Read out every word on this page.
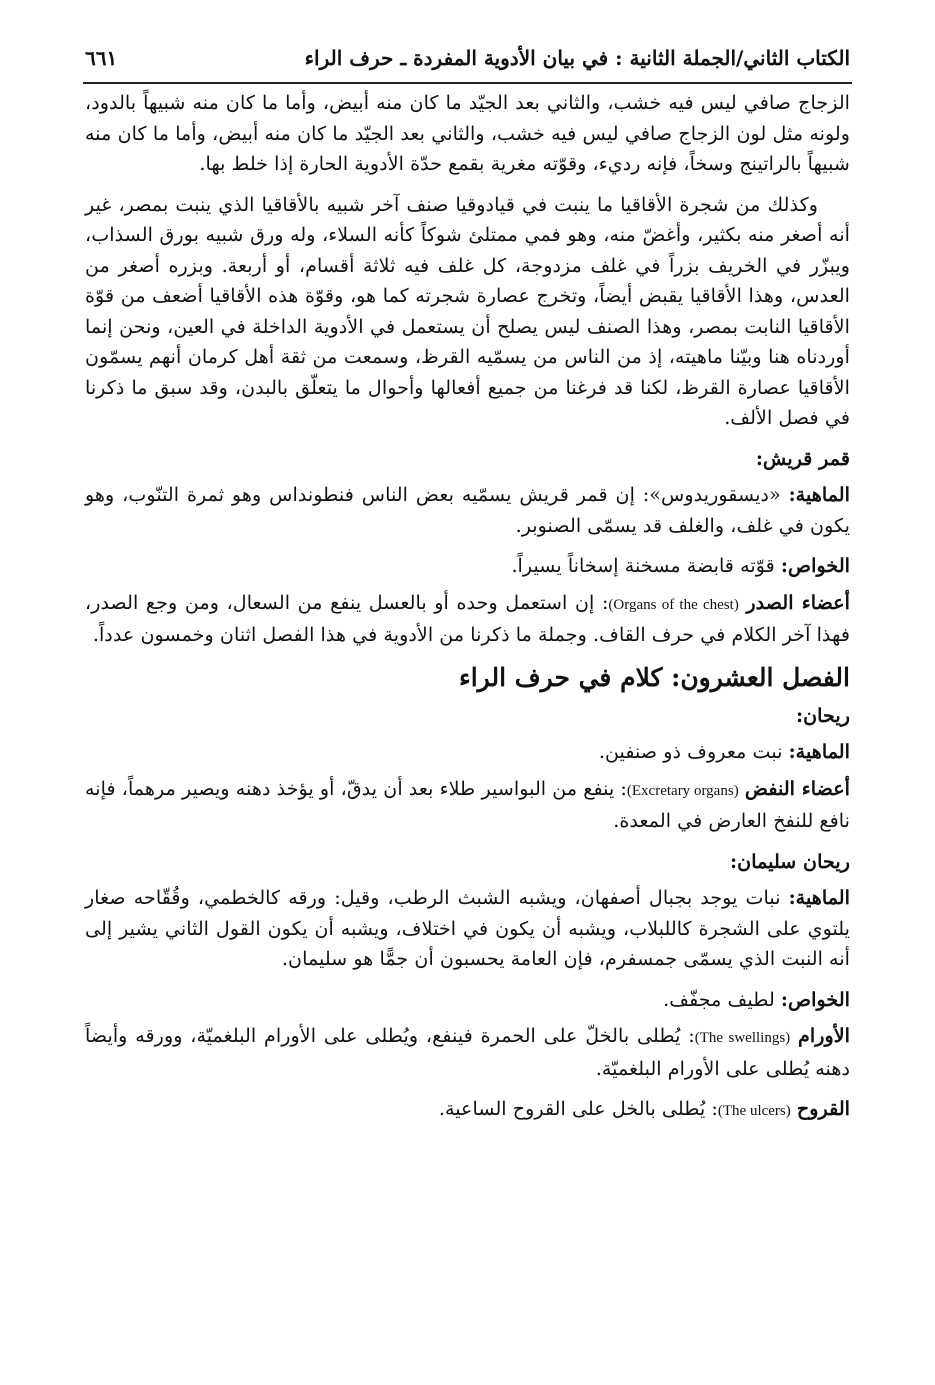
الكتاب الثاني/الجملة الثانية : في بيان الأدوية المفردة ـ حرف الراء
٦٦١

الزجاج صافي ليس فيه خشب، والثاني بعد الجيّد ما كان منه أبيض، وأما ما كان منه شبيهاً بالدود، ولونه مثل لون الزجاج صافي ليس فيه خشب، والثاني بعد الجيّد ما كان منه أبيض، وأما ما كان منه شبيهاً بالراتينج وسخاً، فإنه رديء، وقوّته مغرية بقمع حدّة الأدوية الحارة إذا خلط بها.

وكذلك من شجرة الأقاقيا ما ينبت في قيادوقيا صنف آخر شبيه بالأقاقيا الذي ينبت بمصر، غير أنه أصغر منه بكثير، وأغضّ منه، وهو فمي ممتلئ شوكاً كأنه السلاء، وله ورق شبيه بورق السذاب، ويبزّر في الخريف بزراً في غلف مزدوجة، كل غلف فيه ثلاثة أقسام، أو أربعة. وبزره أصغر من العدس، وهذا الأقاقيا يقبض أيضاً، وتخرج عصارة شجرته كما هو، وقوّة هذه الأقاقيا أضعف من قوّة الأقاقيا النابت بمصر، وهذا الصنف ليس يصلح أن يستعمل في الأدوية الداخلة في العين، ونحن إنما أوردناه هنا وبيّنا ماهيته، إذ من الناس من يسمّيه القرظ، وسمعت من ثقة أهل كرمان أنهم يسمّون الأقاقيا عصارة القرظ، لكنا قد فرغنا من جميع أفعالها وأحوال ما يتعلّق بالبدن، وقد سبق ما ذكرنا في فصل الألف.

قمر قريش:

الماهية: «ديسقوريدوس»: إن قمر قريش يسمّيه بعض الناس فنطونداس وهو ثمرة التنّوب، وهو يكون في غلف، والغلف قد يسمّى الصنوبر.

الخواص: قوّته قابضة مسخنة إسخاناً يسيراً.

أعضاء الصدر (Organs of the chest): إن استعمل وحده أو بالعسل ينفع من السعال، ومن وجع الصدر، فهذا آخر الكلام في حرف القاف. وجملة ما ذكرنا من الأدوية في هذا الفصل اثنان وخمسون عدداً.

الفصل العشرون: كلام في حرف الراء

ريحان:

الماهية: نبت معروف ذو صنفين.

أعضاء النفض (Excretary organs): ينفع من البواسير طلاء بعد أن يدقّ، أو يؤخذ دهنه ويصير مرهماً، فإنه نافع للنفخ العارض في المعدة.

ريحان سليمان:

الماهية: نبات يوجد بجبال أصفهان، ويشبه الشبث الرطب، وقيل: ورقه كالخطمي، وقُقّاحه صغار يلتوي على الشجرة كاللبلاب، ويشبه أن يكون في اختلاف، ويشبه أن يكون القول الثاني يشير إلى أنه النبت الذي يسمّى جمسفرم، فإن العامة يحسبون أن جمًّا هو سليمان.

الخواص: لطيف مجفّف.

الأورام (The swellings): يُطلى بالخلّ على الحمرة فينفع، ويُطلى على الأورام البلغميّة، وورقه وأيضاً دهنه يُطلى على الأورام البلغميّة.

القروح (The ulcers): يُطلى بالخل على القروح الساعية.
